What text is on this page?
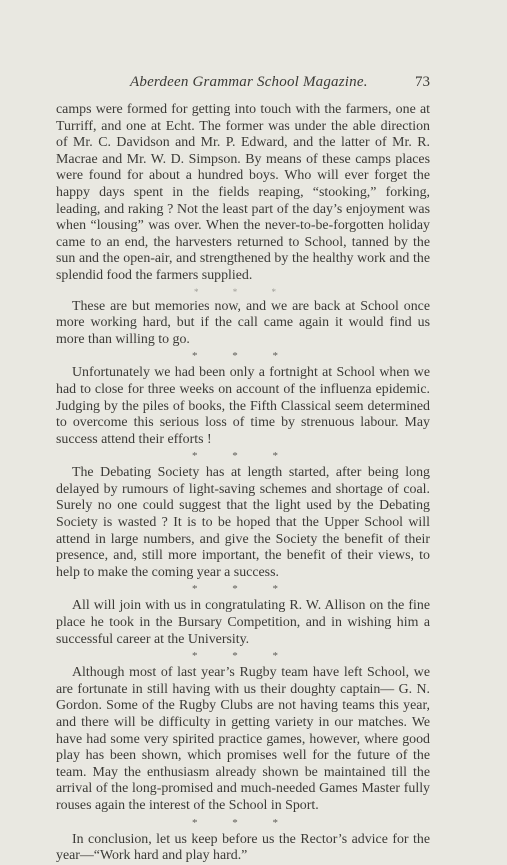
Aberdeen Grammar School Magazine.	73

camps were formed for getting into touch with the farmers, one at Turriff, and one at Echt. The former was under the able direction of Mr. C. Davidson and Mr. P. Edward, and the latter of Mr. R. Macrae and Mr. W. D. Simpson. By means of these camps places were found for about a hundred boys. Who will ever forget the happy days spent in the fields reaping, “stooking,” forking, leading, and raking ? Not the least part of the day’s enjoyment was when “lousing” was over. When the never-to-be-forgotten holiday came to an end, the harvesters returned to School, tanned by the sun and the open-air, and strengthened by the healthy work and the splendid food the farmers supplied.

* * *

These are but memories now, and we are back at School once more working hard, but if the call came again it would find us more than willing to go.

* * *

Unfortunately we had been only a fortnight at School when we had to close for three weeks on account of the influenza epidemic. Judging by the piles of books, the Fifth Classical seem determined to overcome this serious loss of time by strenuous labour. May success attend their efforts !

* * *

The Debating Society has at length started, after being long delayed by rumours of light-saving schemes and shortage of coal. Surely no one could suggest that the light used by the Debating Society is wasted ? It is to be hoped that the Upper School will attend in large numbers, and give the Society the benefit of their presence, and, still more important, the benefit of their views, to help to make the coming year a success.

* * *

All will join with us in congratulating R. W. Allison on the fine place he took in the Bursary Competition, and in wishing him a successful career at the University.

* * *

Although most of last year’s Rugby team have left School, we are fortunate in still having with us their doughty captain— G. N. Gordon. Some of the Rugby Clubs are not having teams this year, and there will be difficulty in getting variety in our matches. We have had some very spirited practice games, however, where good play has been shown, which promises well for the future of the team. May the enthusiasm already shown be maintained till the arrival of the long-promised and much-needed Games Master fully rouses again the interest of the School in Sport.

* * *

In conclusion, let us keep before us the Rector’s advice for the year—“Work hard and play hard.”
